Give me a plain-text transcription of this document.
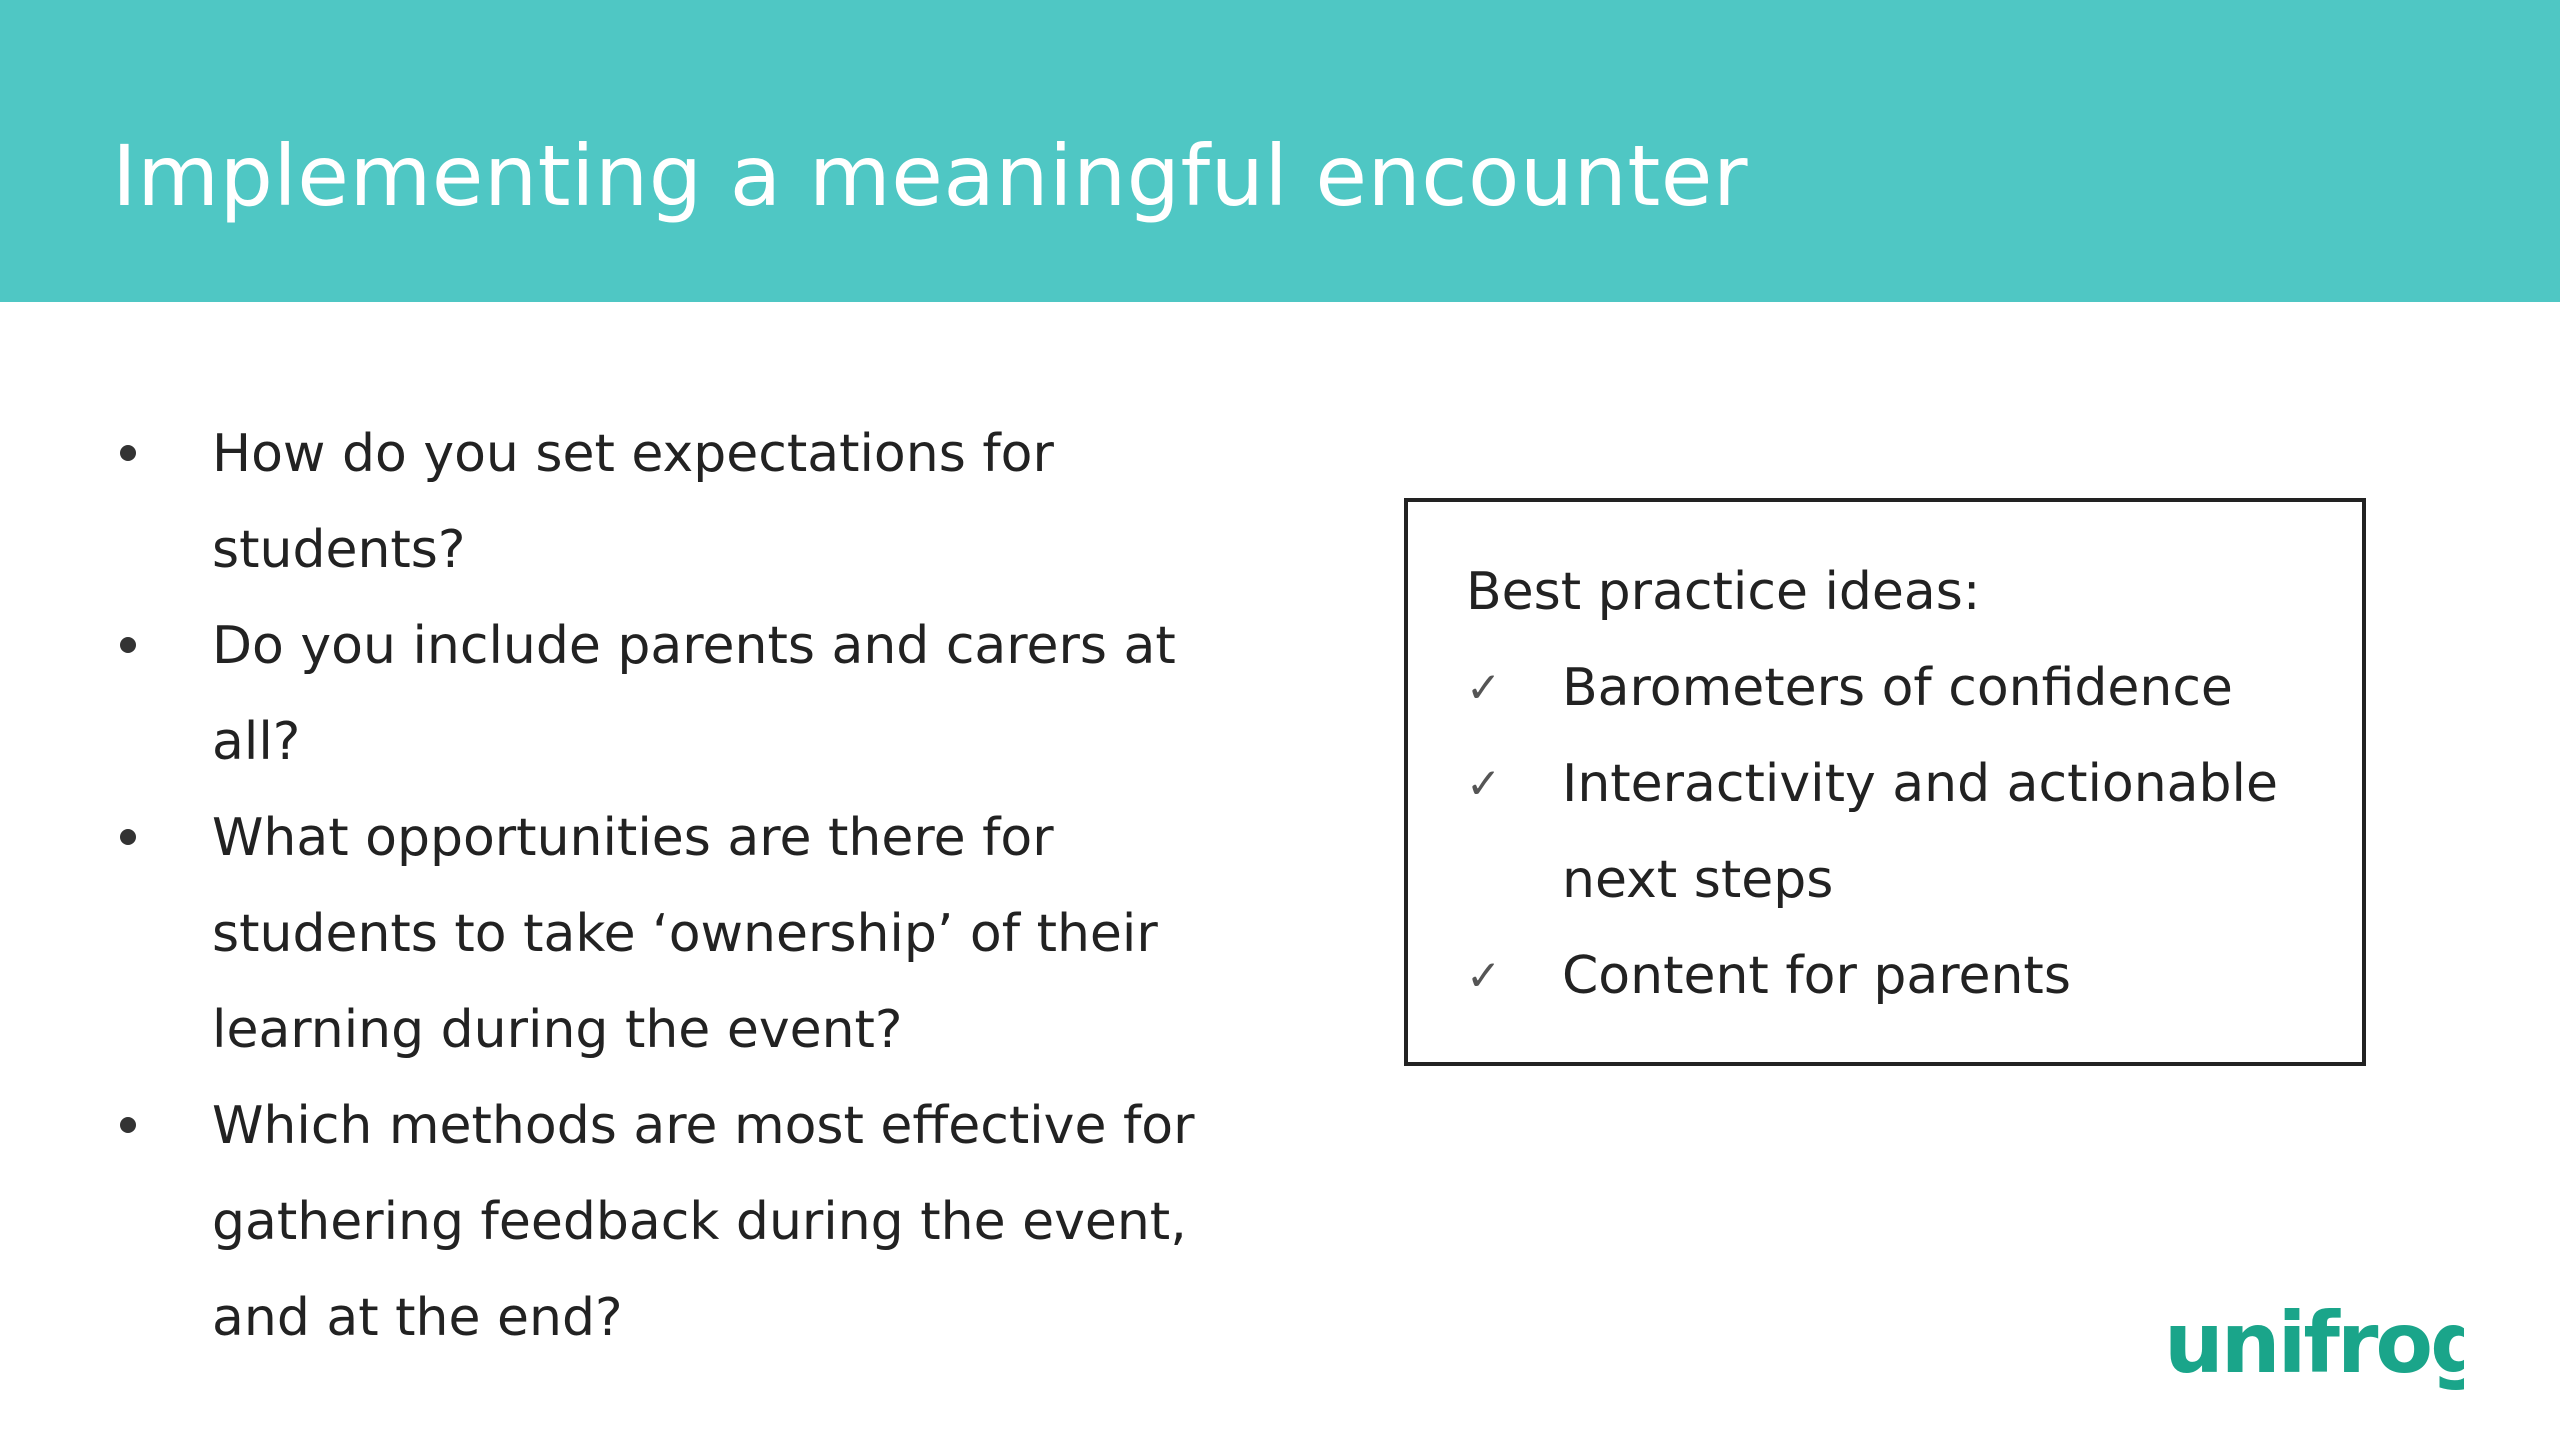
Implementing a meaningful encounter
How do you set expectations for students?
Do you include parents and carers at all?
What opportunities are there for students to take ‘ownership’ of their learning during the event?
Which methods are most effective for gathering feedback during the event, and at the end?
Best practice ideas:
✓ Barometers of confidence
✓ Interactivity and actionable next steps
✓ Content for parents
unifrog
